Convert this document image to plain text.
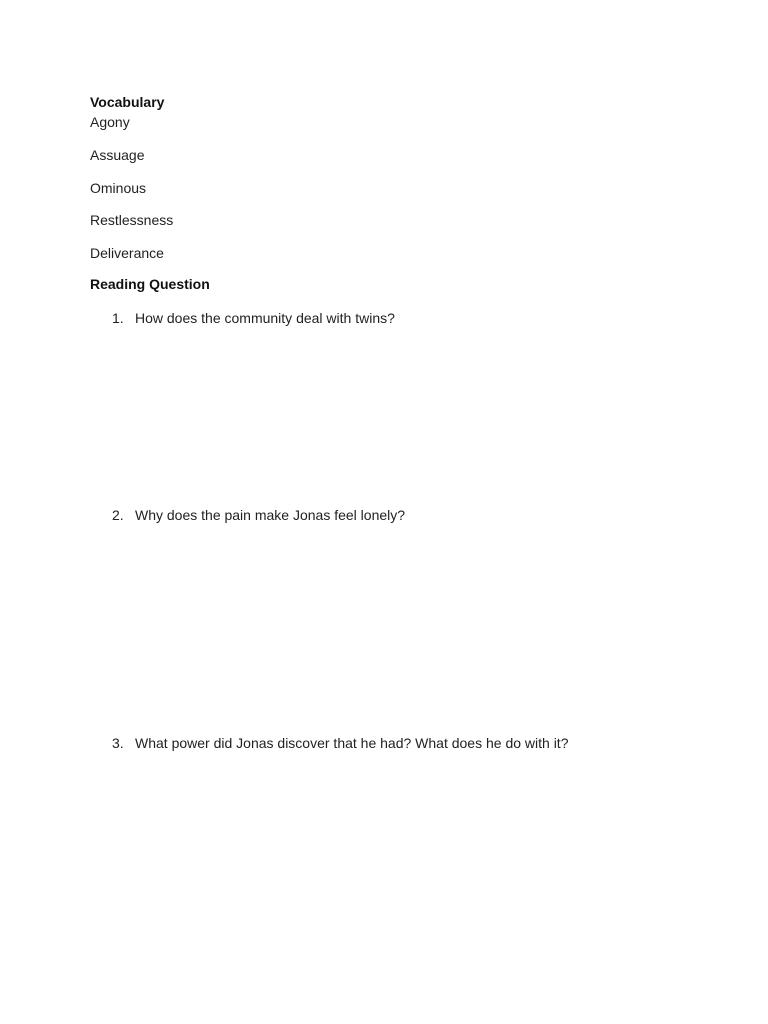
Vocabulary
Agony
Assuage
Ominous
Restlessness
Deliverance
Reading Question
1. How does the community deal with twins?
2. Why does the pain make Jonas feel lonely?
3. What power did Jonas discover that he had? What does he do with it?
